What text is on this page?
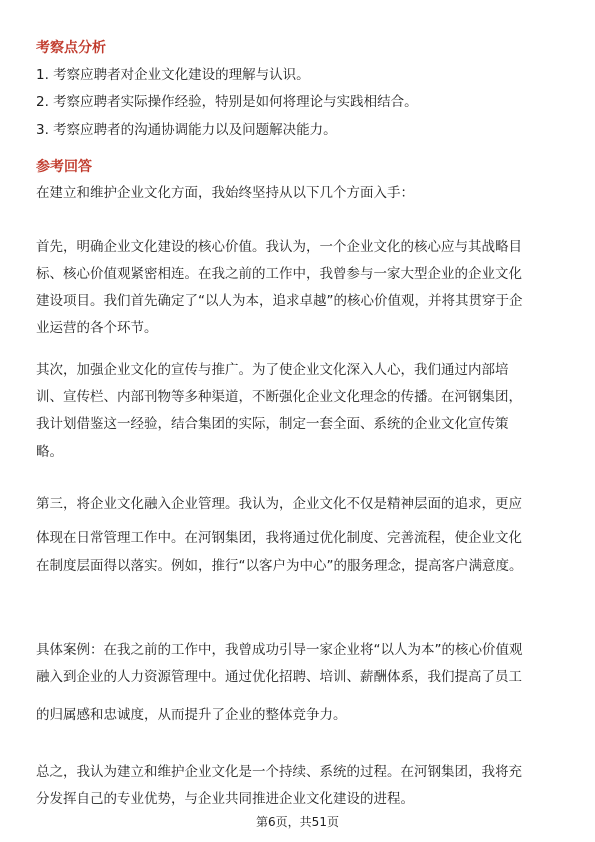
考察点分析
1. 考察应聘者对企业文化建设的理解与认识。
2. 考察应聘者实际操作经验，特别是如何将理论与实践相结合。
3. 考察应聘者的沟通协调能力以及问题解决能力。
参考回答
在建立和维护企业文化方面，我始终坚持从以下几个方面入手：
首先，明确企业文化建设的核心价值。我认为，一个企业文化的核心应与其战略目
标、核心价值观紧密相连。在我之前的工作中，我曾参与一家大型企业的企业文化
建设项目。我们首先确定了“以人为本，追求卓越”的核心价值观，并将其贯穿于企
业运营的各个环节。
其次，加强企业文化的宣传与推广。为了使企业文化深入人心，我们通过内部培
训、宣传栏、内部刊物等多种渠道，不断强化企业文化理念的传播。在河钢集团，
我计划借鉴这一经验，结合集团的实际，制定一套全面、系统的企业文化宣传策
略。
第三，将企业文化融入企业管理。我认为，企业文化不仅是精神层面的追求，更应
体现在日常管理工作中。在河钢集团，我将通过优化制度、完善流程，使企业文化
在制度层面得以落实。例如，推行“以客户为中心”的服务理念，提高客户满意度。
具体案例：在我之前的工作中，我曾成功引导一家企业将“以人为本”的核心价值观
融入到企业的人力资源管理中。通过优化招聘、培训、薪酬体系，我们提高了员工
的归属感和忠诚度，从而提升了企业的整体竞争力。
总之，我认为建立和维护企业文化是一个持续、系统的过程。在河钢集团，我将充
分发挥自己的专业优势，与企业共同推进企业文化建设的进程。
第6页，共51页
